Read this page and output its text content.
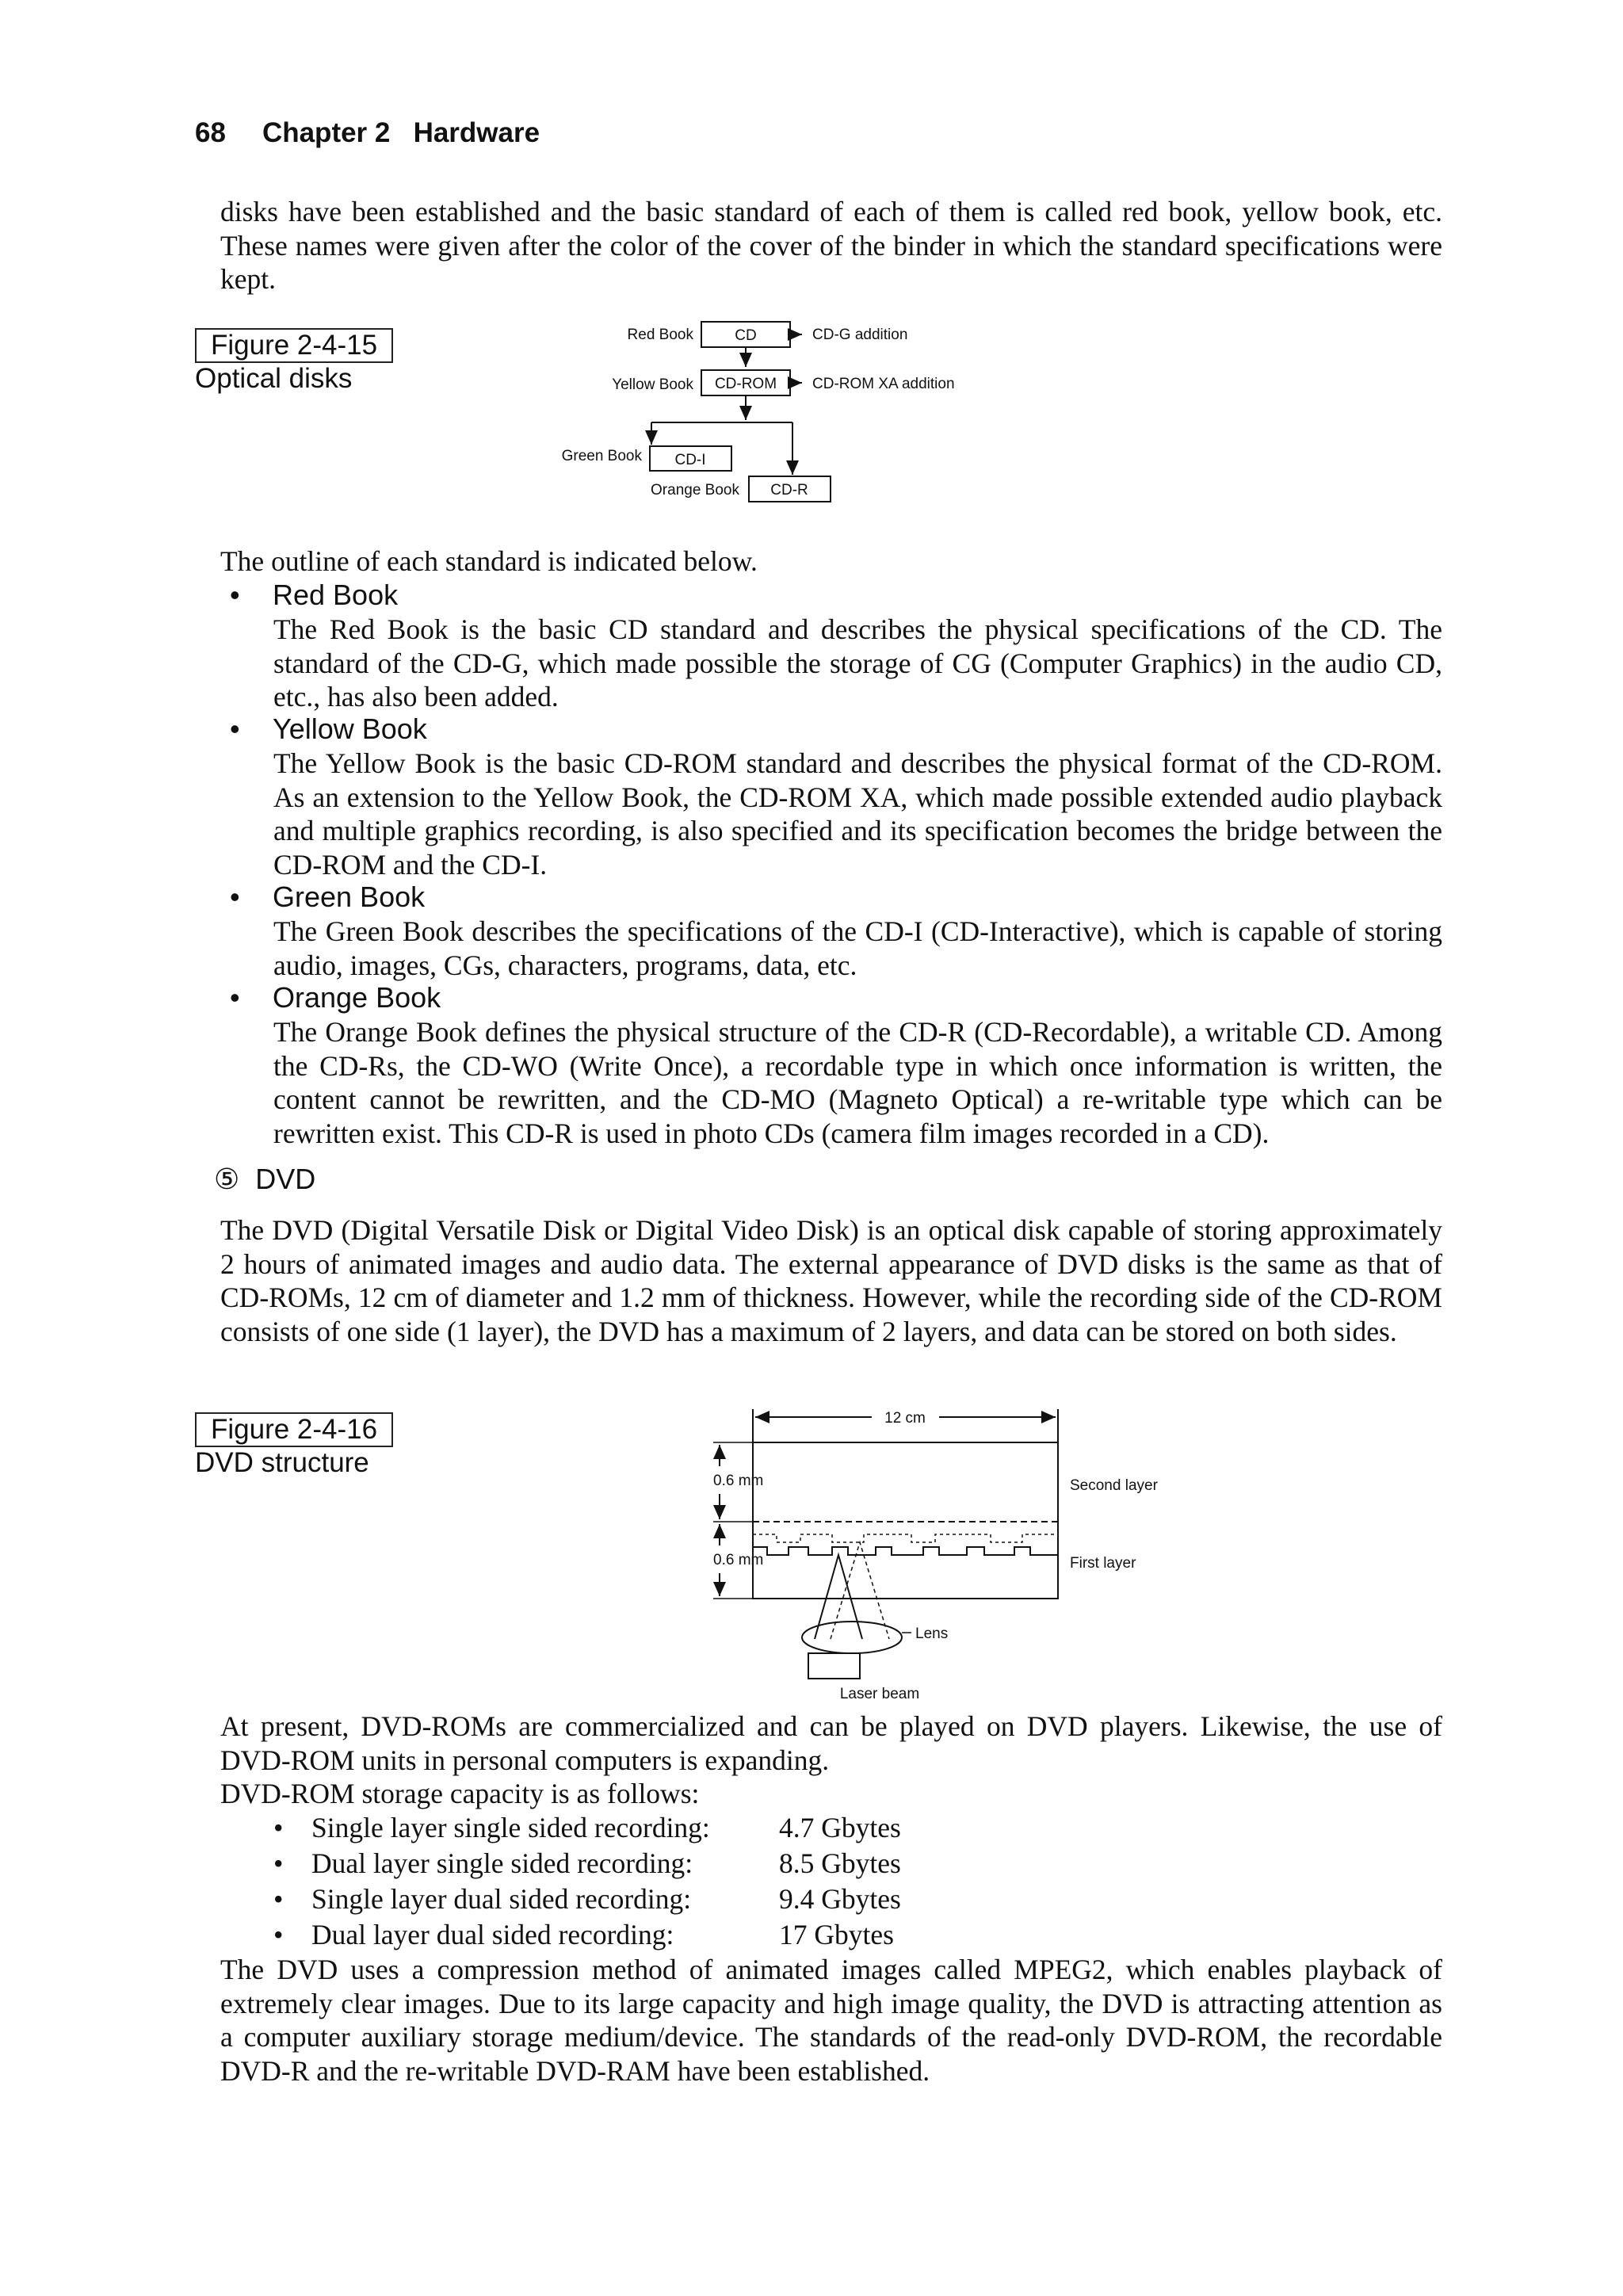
68 Chapter 2 Hardware

disks have been established and the basic standard of each of them is called red book, yellow book, etc. These names were given after the color of the cover of the binder in which the standard specifications were kept.

Figure 2-4-15
Optical disks
Red Book	CD	CD-G addition
Yellow Book CD-ROM CD-ROM XA addition
Green Book CD-I
Orange Book CD-R
The outline of each standard is indicated below.
• Red Book
The Red Book is the basic CD standard and describes the physical specifications of the CD. The standard of the CD-G, which made possible the storage of CG (Computer Graphics) in the audio CD, etc., has also been added.
• Yellow Book
The Yellow Book is the basic CD-ROM standard and describes the physical format of the CD-ROM. As an extension to the Yellow Book, the CD-ROM XA, which made possible extended audio playback and multiple graphics recording, is also specified and its specification becomes the bridge between the CD-ROM and the CD-I.
• Green Book
The Green Book describes the specifications of the CD-I (CD-Interactive), which is capable of storing audio, images, CGs, characters, programs, data, etc.
• Orange Book
The Orange Book defines the physical structure of the CD-R (CD-Recordable), a writable CD. Among the CD-Rs, the CD-WO (Write Once), a recordable type in which once information is written, the content cannot be rewritten, and the CD-MO (Magneto Optical) a re-writable type which can be rewritten exist. This CD-R is used in photo CDs (camera film images recorded in a CD).
⑤ DVD

The DVD (Digital Versatile Disk or Digital Video Disk) is an optical disk capable of storing approximately 2 hours of animated images and audio data. The external appearance of DVD disks is the same as that of CD-ROMs, 12 cm of diameter and 1.2 mm of thickness. However, while the recording side of the CD-ROM consists of one side (1 layer), the DVD has a maximum of 2 layers, and data can be stored on both sides.

Figure 2-4-16
DVD structure
12 cm
0.6 mm
0.6 mm
Second layer
First layer
Lens
Laser beam

At present, DVD-ROMs are commercialized and can be played on DVD players. Likewise, the use of DVD-ROM units in personal computers is expanding.

DVD-ROM storage capacity is as follows:
• Single layer single sided recording: 4.7 Gbytes
• Dual layer single sided recording:	8.5 Gbytes
• Single layer dual sided recording:	9.4 Gbytes
• Dual layer dual sided recording:	17 Gbytes

The DVD uses a compression method of animated images called MPEG2, which enables playback of extremely clear images. Due to its large capacity and high image quality, the DVD is attracting attention as a computer auxiliary storage medium/device. The standards of the read-only DVD-ROM, the recordable DVD-R and the re-writable DVD-RAM have been established.
